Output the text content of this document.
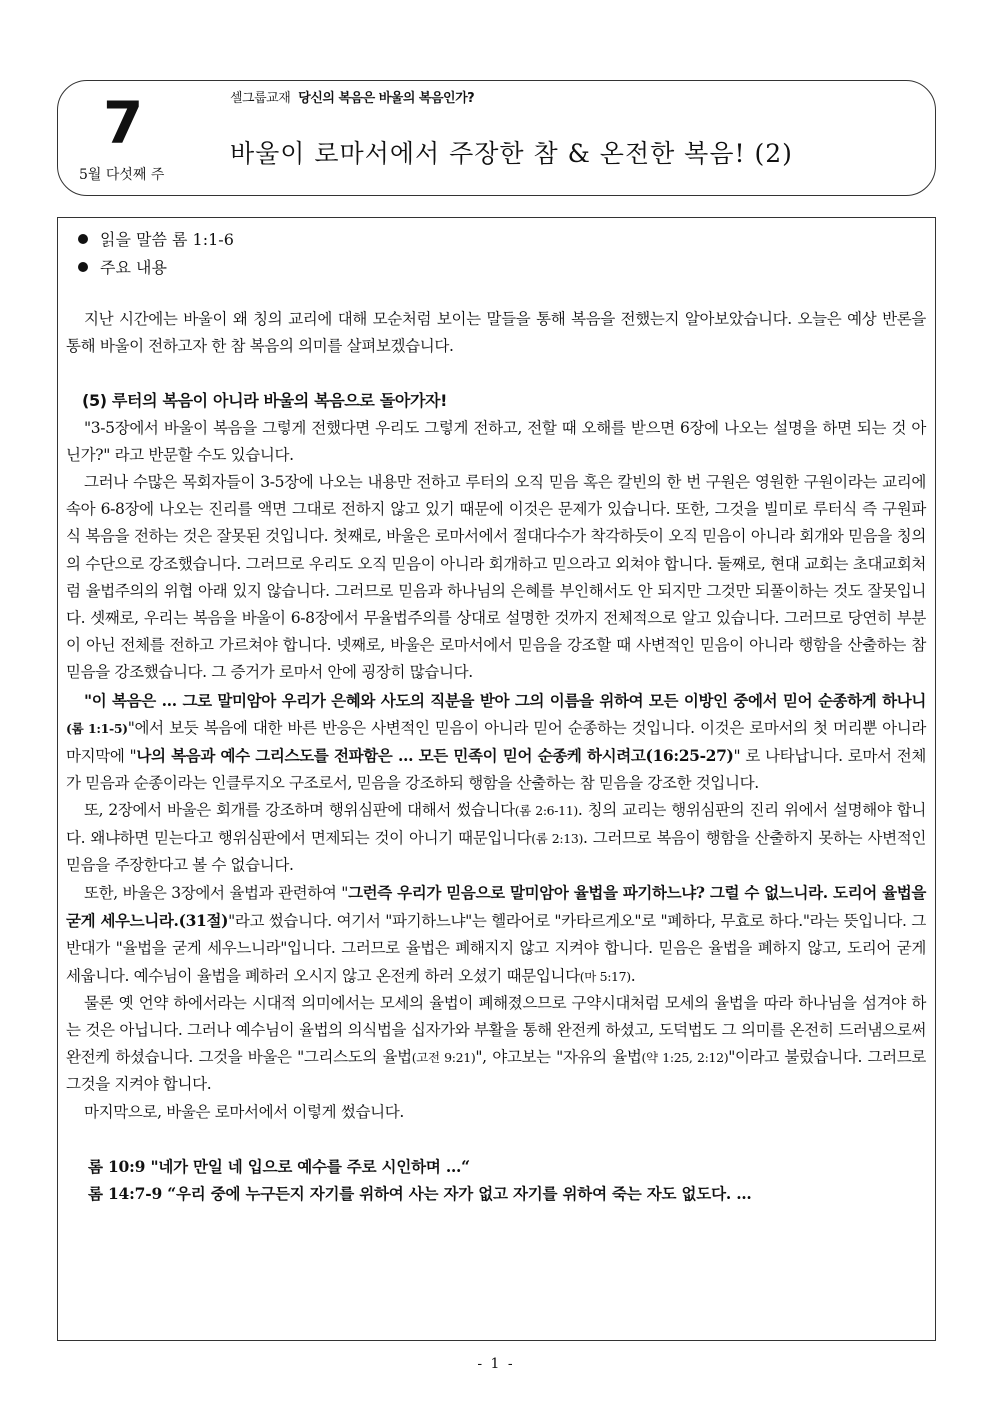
7
5월 다섯째 주
셀그룹교재 당신의 복음은 바울의 복음인가?
바울이 로마서에서 주장한 참 & 온전한 복음! (2)
읽을 말씀 롬 1:1-6
주요 내용

지난 시간에는 바울이 왜 칭의 교리에 대해 모순처럼 보이는 말들을 통해 복음을 전했는지 알아보았습니다. 오늘은 예상 반론을 통해 바울이 전하고자 한 참 복음의 의미를 살펴보겠습니다.

(5) 루터의 복음이 아니라 바울의 복음으로 돌아가자!

"3-5장에서 바울이 복음을 그렇게 전했다면 우리도 그렇게 전하고, 전할 때 오해를 받으면 6장에 나오는 설명을 하면 되는 것 아닌가?" 라고 반문할 수도 있습니다.

그러나 수많은 목회자들이 3-5장에 나오는 내용만 전하고 루터의 오직 믿음 혹은 칼빈의 한 번 구원은 영원한 구원이라는 교리에 속아 6-8장에 나오는 진리를 액면 그대로 전하지 않고 있기 때문에 이것은 문제가 있습니다. 또한, 그것을 빌미로 루터식 즉 구원파식 복음을 전하는 것은 잘못된 것입니다. 첫째로, 바울은 로마서에서 절대다수가 착각하듯이 오직 믿음이 아니라 회개와 믿음을 칭의의 수단으로 강조했습니다. 그러므로 우리도 오직 믿음이 아니라 회개하고 믿으라고 외쳐야 합니다. 둘째로, 현대 교회는 초대교회처럼 율법주의의 위협 아래 있지 않습니다. 그러므로 믿음과 하나님의 은혜를 부인해서도 안 되지만 그것만 되풀이하는 것도 잘못입니다. 셋째로, 우리는 복음을 바울이 6-8장에서 무율법주의를 상대로 설명한 것까지 전체적으로 알고 있습니다. 그러므로 당연히 부분이 아닌 전체를 전하고 가르쳐야 합니다. 넷째로, 바울은 로마서에서 믿음을 강조할 때 사변적인 믿음이 아니라 행함을 산출하는 참 믿음을 강조했습니다. 그 증거가 로마서 안에 굉장히 많습니다.

"이 복음은 … 그로 말미암아 우리가 은혜와 사도의 직분을 받아 그의 이름을 위하여 모든 이방인 중에서 믿어 순종하게 하나니(롬 1:1-5)"에서 보듯 복음에 대한 바른 반응은 사변적인 믿음이 아니라 믿어 순종하는 것입니다. 이것은 로마서의 첫 머리뿐 아니라 마지막에 "나의 복음과 예수 그리스도를 전파함은 … 모든 민족이 믿어 순종케 하시려고(16:25-27)" 로 나타납니다. 로마서 전체가 믿음과 순종이라는 인클루지오 구조로서, 믿음을 강조하되 행함을 산출하는 참 믿음을 강조한 것입니다.

또, 2장에서 바울은 회개를 강조하며 행위심판에 대해서 썼습니다(롬 2:6-11). 칭의 교리는 행위심판의 진리 위에서 설명해야 합니다. 왜냐하면 믿는다고 행위심판에서 면제되는 것이 아니기 때문입니다(롬 2:13). 그러므로 복음이 행함을 산출하지 못하는 사변적인 믿음을 주장한다고 볼 수 없습니다.

또한, 바울은 3장에서 율법과 관련하여 "그런즉 우리가 믿음으로 말미암아 율법을 파기하느냐? 그럴 수 없느니라. 도리어 율법을 굳게 세우느니라.(31절)"라고 썼습니다. 여기서 "파기하느냐"는 헬라어로 "카타르게오"로 "폐하다, 무효로 하다."라는 뜻입니다. 그 반대가 "율법을 굳게 세우느니라"입니다. 그러므로 율법은 폐해지지 않고 지켜야 합니다. 믿음은 율법을 폐하지 않고, 도리어 굳게 세웁니다. 예수님이 율법을 폐하러 오시지 않고 온전케 하러 오셨기 때문입니다(마 5:17).

물론 옛 언약 하에서라는 시대적 의미에서는 모세의 율법이 폐해졌으므로 구약시대처럼 모세의 율법을 따라 하나님을 섬겨야 하는 것은 아닙니다. 그러나 예수님이 율법의 의식법을 십자가와 부활을 통해 완전케 하셨고, 도덕법도 그 의미를 온전히 드러냄으로써 완전케 하셨습니다. 그것을 바울은 "그리스도의 율법(고전 9:21)", 야고보는 "자유의 율법(약 1:25, 2:12)"이라고 불렀습니다. 그러므로 그것을 지켜야 합니다.

마지막으로, 바울은 로마서에서 이렇게 썼습니다.

롬 10:9 "네가 만일 네 입으로 예수를 주로 시인하며 …“

롬 14:7-9 “우리 중에 누구든지 자기를 위하여 사는 자가 없고 자기를 위하여 죽는 자도 없도다. …

- 1 -
